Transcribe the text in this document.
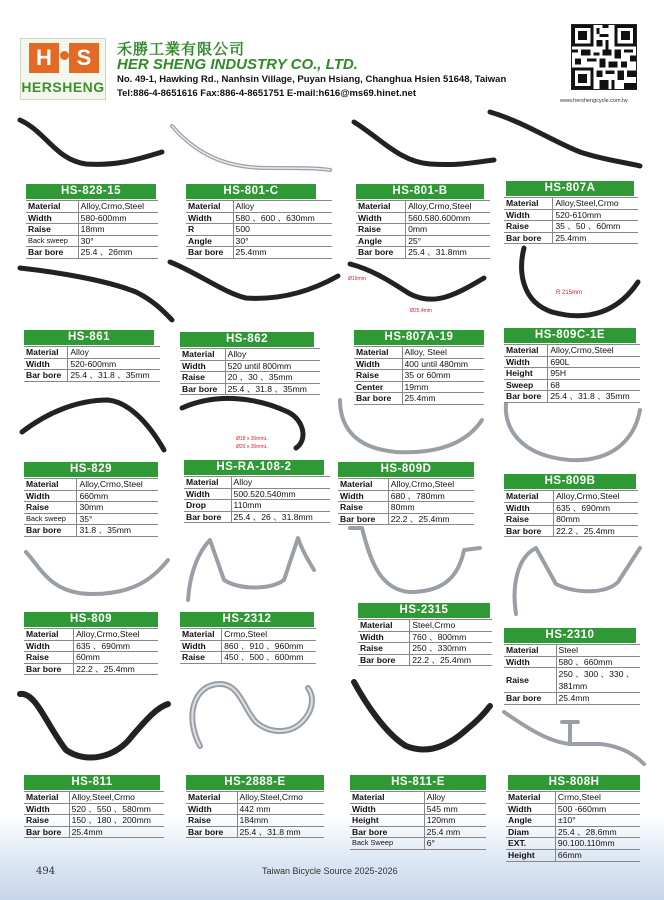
H	S
HERSHENG
禾勝工業有限公司
HER SHENG INDUSTRY CO., LTD.
No. 49-1, Hawking Rd., Nanhsin Village, Puyan Hsiang, Changhua Hsien 51648, Taiwan
Tel:886-4-8651616 Fax:886-4-8651751 E-mail:h616@ms69.hinet.net
www.hershengcycle.com.tw
Ø19mm
Ø25.4mm
R 215mm
Ø18 x 30mmL
Ø20 x 30mmL
HS-828-15
Material	Alloy,Crmo,Steel
Width	580-600mm
Raise	18mm
Back sweep	30°
Bar bore	25.4 、26mm
HS-801-C
Material	Alloy
Width	580 、600 、630mm
R	500
Angle	30°
Bar bore	25.4mm
HS-801-B
Material	Alloy,Crmo,Steel
Width	560.580.600mm
Raise	0mm
Angle	25°
Bar bore	25.4 、31.8mm
HS-807A
Material	Alloy,Steel,Crmo
Width	520-610mm
Raise	35 、50 、60mm
Bar bore	25.4mm
HS-861
Material	Alloy
Width	520-600mm
Bar bore	25.4 、31.8 、35mm
HS-862
Material	Alloy
Width	520 until 800mm
Raise	20 、30 、35mm
Bar bore	25.4 、31.8 、35mm
HS-807A-19
Material	Alloy, Steel
Width	400 until 480mm
Raise	35 or 60mm
Center	19mm
Bar bore	25.4mm
HS-809C-1E
Material	Alloy,Crmo,Steel
Width	690L
Height	95H
Sweep	68
Bar bore	25.4 、31.8 、35mm
HS-829
Material	Alloy,Crmo,Steel
Width	660mm
Raise	30mm
Back sweep	35°
Bar bore	31.8 、35mm
HS-RA-108-2
Material	Alloy
Width	500.520.540mm
Drop	110mm
Bar bore	25.4 、26 、31.8mm
HS-809D
Material	Alloy,Crmo,Steel
Width	680 、780mm
Raise	80mm
Bar bore	22.2 、25.4mm
HS-809B
Material	Alloy,Crmo,Steel
Width	635 、690mm
Raise	80mm
Bar bore	22.2 、25.4mm
HS-809
Material	Alloy,Crmo,Steel
Width	635 、690mm
Raise	60mm
Bar bore	22.2 、25.4mm
HS-2312
Material	Crmo,Steel
Width	860 、910 、960mm
Raise	450 、500 、600mm
HS-2315
Material	Steel,Crmo
Width	760 、800mm
Raise	250 、330mm
Bar bore	22.2 、25.4mm
HS-2310
Material	Steel
Width	580 、660mm
Raise	250 、300 、330 、381mm
Bar bore	25.4mm
HS-811
Material	Alloy,Steel,Crmo
Width	520 、550 、580mm
Raise	150 、180 、200mm
Bar bore	25.4mm
HS-2888-E
Material	Alloy,Steel,Crmo
Width	442 mm
Raise	184mm
Bar bore	25.4 、31.8 mm
HS-811-E
Material	Alloy
Width	545 mm
Height	120mm
Bar bore	25.4 mm
Back Sweep	6°
HS-808H
Material	Crmo,Steel
Width	500 -660mm
Angle	±10°
Diam	25.4 、28.6mm
EXT.	90.100.110mm
Height	66mm
494	Taiwan Bicycle Source 2025-2026
